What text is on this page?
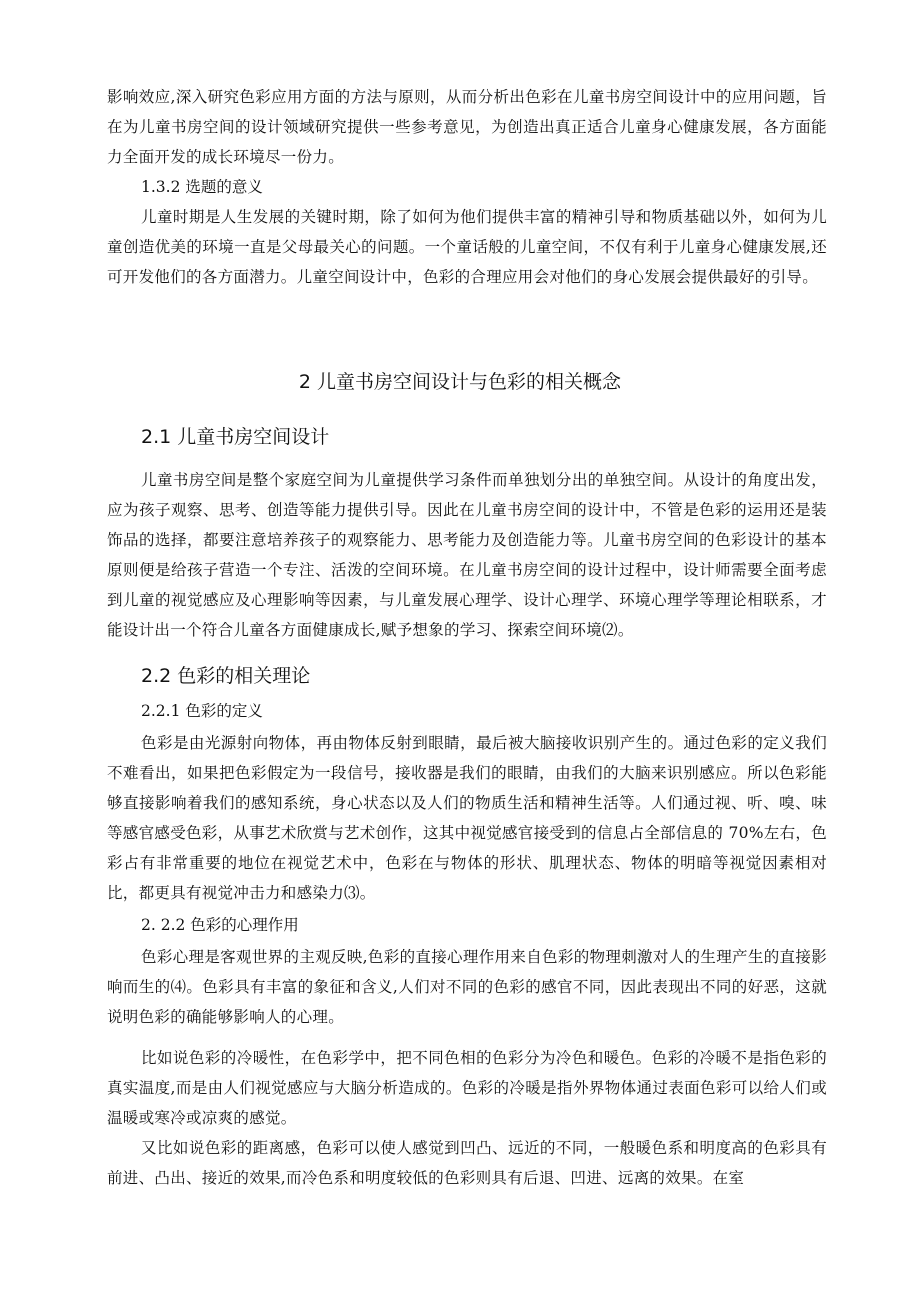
影响效应,深入研究色彩应用方面的方法与原则，从而分析出色彩在儿童书房空间设计中的应用问题，旨在为儿童书房空间的设计领域研究提供一些参考意见，为创造出真正适合儿童身心健康发展，各方面能力全面开发的成长环境尽一份力。
1.3.2 选题的意义
儿童时期是人生发展的关键时期，除了如何为他们提供丰富的精神引导和物质基础以外，如何为儿童创造优美的环境一直是父母最关心的问题。一个童话般的儿童空间，不仅有利于儿童身心健康发展,还可开发他们的各方面潜力。儿童空间设计中，色彩的合理应用会对他们的身心发展会提供最好的引导。
2 儿童书房空间设计与色彩的相关概念
2.1 儿童书房空间设计
儿童书房空间是整个家庭空间为儿童提供学习条件而单独划分出的单独空间。从设计的角度出发，应为孩子观察、思考、创造等能力提供引导。因此在儿童书房空间的设计中，不管是色彩的运用还是装饰品的选择，都要注意培养孩子的观察能力、思考能力及创造能力等。儿童书房空间的色彩设计的基本原则便是给孩子营造一个专注、活泼的空间环境。在儿童书房空间的设计过程中，设计师需要全面考虑到儿童的视觉感应及心理影响等因素，与儿童发展心理学、设计心理学、环境心理学等理论相联系，才能设计出一个符合儿童各方面健康成长,赋予想象的学习、探索空间环境⑵。
2.2 色彩的相关理论
2.2.1 色彩的定义
色彩是由光源射向物体，再由物体反射到眼睛，最后被大脑接收识别产生的。通过色彩的定义我们不难看出，如果把色彩假定为一段信号，接收器是我们的眼睛，由我们的大脑来识别感应。所以色彩能够直接影响着我们的感知系统，身心状态以及人们的物质生活和精神生活等。人们通过视、听、嗅、味等感官感受色彩，从事艺术欣赏与艺术创作，这其中视觉感官接受到的信息占全部信息的 70%左右，色彩占有非常重要的地位在视觉艺术中，色彩在与物体的形状、肌理状态、物体的明暗等视觉因素相对比，都更具有视觉冲击力和感染力⑶。
2. 2.2 色彩的心理作用
色彩心理是客观世界的主观反映,色彩的直接心理作用来自色彩的物理刺激对人的生理产生的直接影响而生的⑷。色彩具有丰富的象征和含义,人们对不同的色彩的感官不同，因此表现出不同的好恶，这就说明色彩的确能够影响人的心理。
比如说色彩的冷暖性，在色彩学中，把不同色相的色彩分为冷色和暖色。色彩的冷暖不是指色彩的真实温度,而是由人们视觉感应与大脑分析造成的。色彩的冷暖是指外界物体通过表面色彩可以给人们或温暖或寒冷或凉爽的感觉。
又比如说色彩的距离感，色彩可以使人感觉到凹凸、远近的不同，一般暖色系和明度高的色彩具有前进、凸出、接近的效果,而冷色系和明度较低的色彩则具有后退、凹进、远离的效果。在室
